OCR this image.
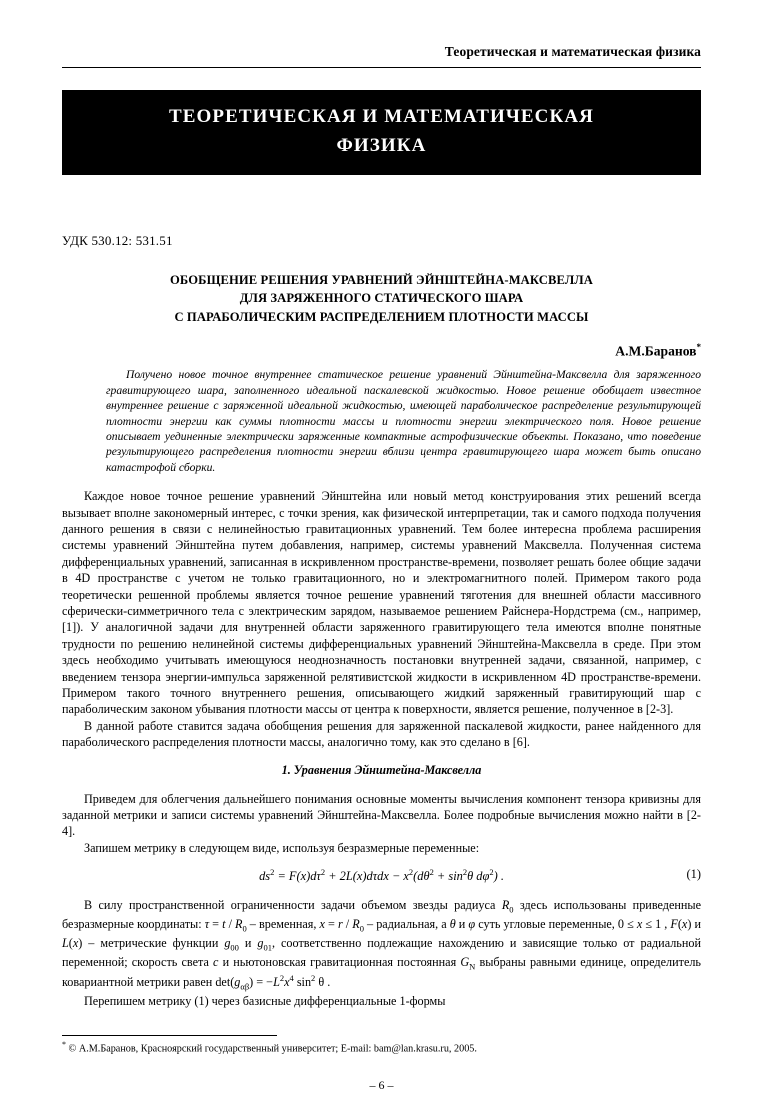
Теоретическая и математическая физика
ТЕОРЕТИЧЕСКАЯ И МАТЕМАТИЧЕСКАЯ
ФИЗИКА
УДК 530.12: 531.51
ОБОБЩЕНИЕ РЕШЕНИЯ УРАВНЕНИЙ ЭЙНШТЕЙНА-МАКСВЕЛЛА
ДЛЯ ЗАРЯЖЕННОГО СТАТИЧЕСКОГО ШАРА
С ПАРАБОЛИЧЕСКИМ РАСПРЕДЕЛЕНИЕМ ПЛОТНОСТИ МАССЫ
А.М.Баранов*

Получено новое точное внутреннее статическое решение уравнений Эйнштейна-Максвелла для заряженного гравитирующего шара, заполненного идеальной паскалевской жидкостью. Новое решение обобщает известное внутреннее решение с заряженной идеальной жидкостью, имеющей параболическое распределение результирующей плотности энергии как суммы плотности массы и плотности энергии электрического поля. Новое решение описывает уединенные электрически заряженные компактные астрофизические объекты. Показано, что поведение результирующего распределения плотности энергии вблизи центра гравитирующего шара может быть описано катастрофой сборки.

Каждое новое точное решение уравнений Эйнштейна или новый метод конструирования этих решений всегда вызывает вполне закономерный интерес, с точки зрения, как физической интерпретации, так и самого подхода получения данного решения в связи с нелинейностью гравитационных уравнений. Тем более интересна проблема расширения системы уравнений Эйнштейна путем добавления, например, системы уравнений Максвелла. Полученная система дифференциальных уравнений, записанная в искривленном пространстве-времени, позволяет решать более общие задачи в 4D пространстве с учетом не только гравитационного, но и электромагнитного полей. Примером такого рода теоретически решенной проблемы является точное решение уравнений тяготения для внешней области массивного сферически-симметричного тела с электрическим зарядом, называемое решением Райснера-Нордстрема (см., например, [1]). У аналогичной задачи для внутренней области заряженного гравитирующего тела имеются вполне понятные трудности по решению нелинейной системы дифференциальных уравнений Эйнштейна-Максвелла в среде. При этом здесь необходимо учитывать имеющуюся неоднозначность постановки внутренней задачи, связанной, например, с введением тензора энергии-импульса заряженной релятивистской жидкости в искривленном 4D пространстве-времени. Примером такого точного внутреннего решения, описывающего жидкий заряженный гравитирующий шар с параболическим законом убывания плотности массы от центра к поверхности, является решение, полученное в [2-3].

В данной работе ставится задача обобщения решения для заряженной паскалевой жидкости, ранее найденного для параболического распределения плотности массы, аналогично тому, как это сделано в [6].

1. Уравнения Эйнштейна-Максвелла

Приведем для облегчения дальнейшего понимания основные моменты вычисления компонент тензора кривизны для заданной метрики и записи системы уравнений Эйнштейна-Максвелла. Более подробные вычисления можно найти в [2-4].

Запишем метрику в следующем виде, используя безразмерные переменные:

$ds^2 = F(x)d\tau^2 + 2L(x)d\tau dx - x^2(d\theta^2 + \sin^2\theta$ $d\varphi^2$) .	(1)

В силу пространственной ограниченности задачи объемом звезды радиуса $R_0$ здесь использованы приведенные безразмерные координаты: $\tau = t / R_0$ – временная, $x = r / R_0$ – радиальная, а θ и φ суть угловые переменные, 0 ≤ x ≤ 1 , F(x) и L(x) – метрические функции $g_{00}$ и $g_{01}$, соответственно подлежащие нахождению и зависящие только от радиальной переменной; скорость света c и ньютоновская гравитационная постоянная $G_N$ выбраны равными единице, определитель ковариантной метрики равен $\det(g_{\alpha\beta}) = -L^2x^4$ $\sin^2 \theta$ .

Перепишем метрику (1) через базисные дифференциальные 1-формы

* © А.М.Баранов, Красноярский государственный университет; E-mail: bam@lan.krasu.ru, 2005.
– 6 –
